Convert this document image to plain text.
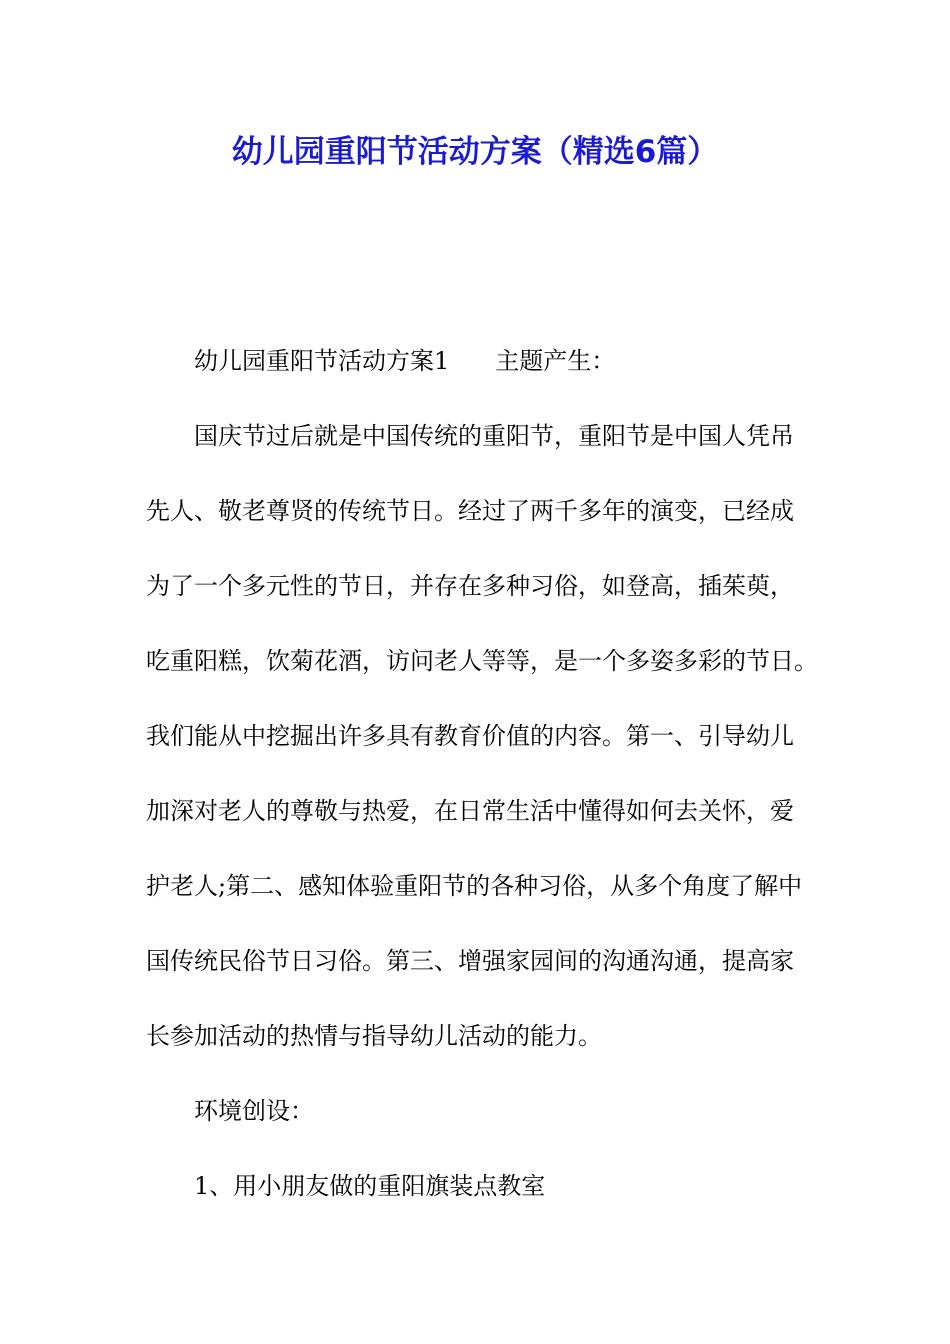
幼儿园重阳节活动方案（精选6篇）

幼儿园重阳节活动方案1 主题产生：

国庆节过后就是中国传统的重阳节，重阳节是中国人凭吊

先人、敬老尊贤的传统节日。经过了两千多年的演变，已经成

为了一个多元性的节日，并存在多种习俗，如登高，插茱萸，

吃重阳糕，饮菊花酒，访问老人等等，是一个多姿多彩的节日。

我们能从中挖掘出许多具有教育价值的内容。第一、引导幼儿

加深对老人的尊敬与热爱，在日常生活中懂得如何去关怀，爱

护老人;第二、感知体验重阳节的各种习俗，从多个角度了解中

国传统民俗节日习俗。第三、增强家园间的沟通沟通，提高家

长参加活动的热情与指导幼儿活动的能力。

环境创设：

1、用小朋友做的重阳旗装点教室
